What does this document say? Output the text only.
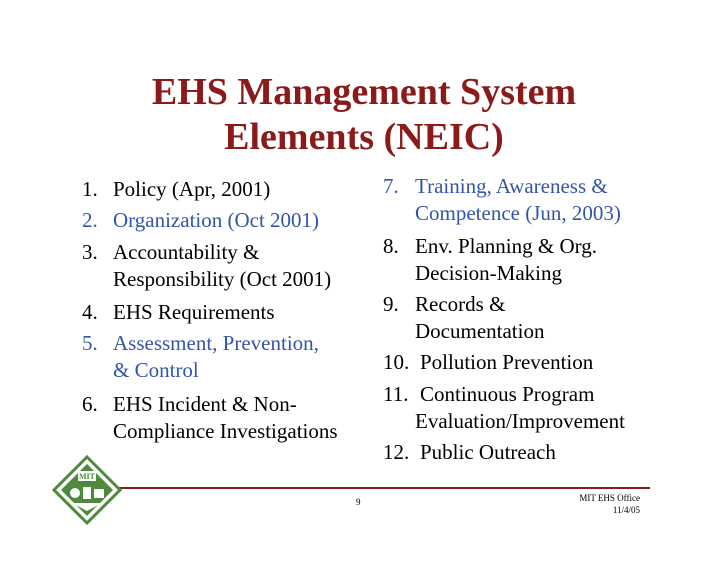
EHS Management System
Elements (NEIC)
1. Policy (Apr, 2001)
2. Organization (Oct 2001)
3. Accountability &
Responsibility (Oct 2001)
4. EHS Requirements
5. Assessment, Prevention,
& Control
6. EHS Incident & Non-
Compliance Investigations
7. Training, Awareness &
Competence (Jun, 2003)
8. Env. Planning & Org.
Decision-Making
9. Records &
Documentation
10. Pollution Prevention
11. Continuous Program
Evaluation/Improvement
12. Public Outreach
MIT
9	MIT EHS Office
11/4/05
